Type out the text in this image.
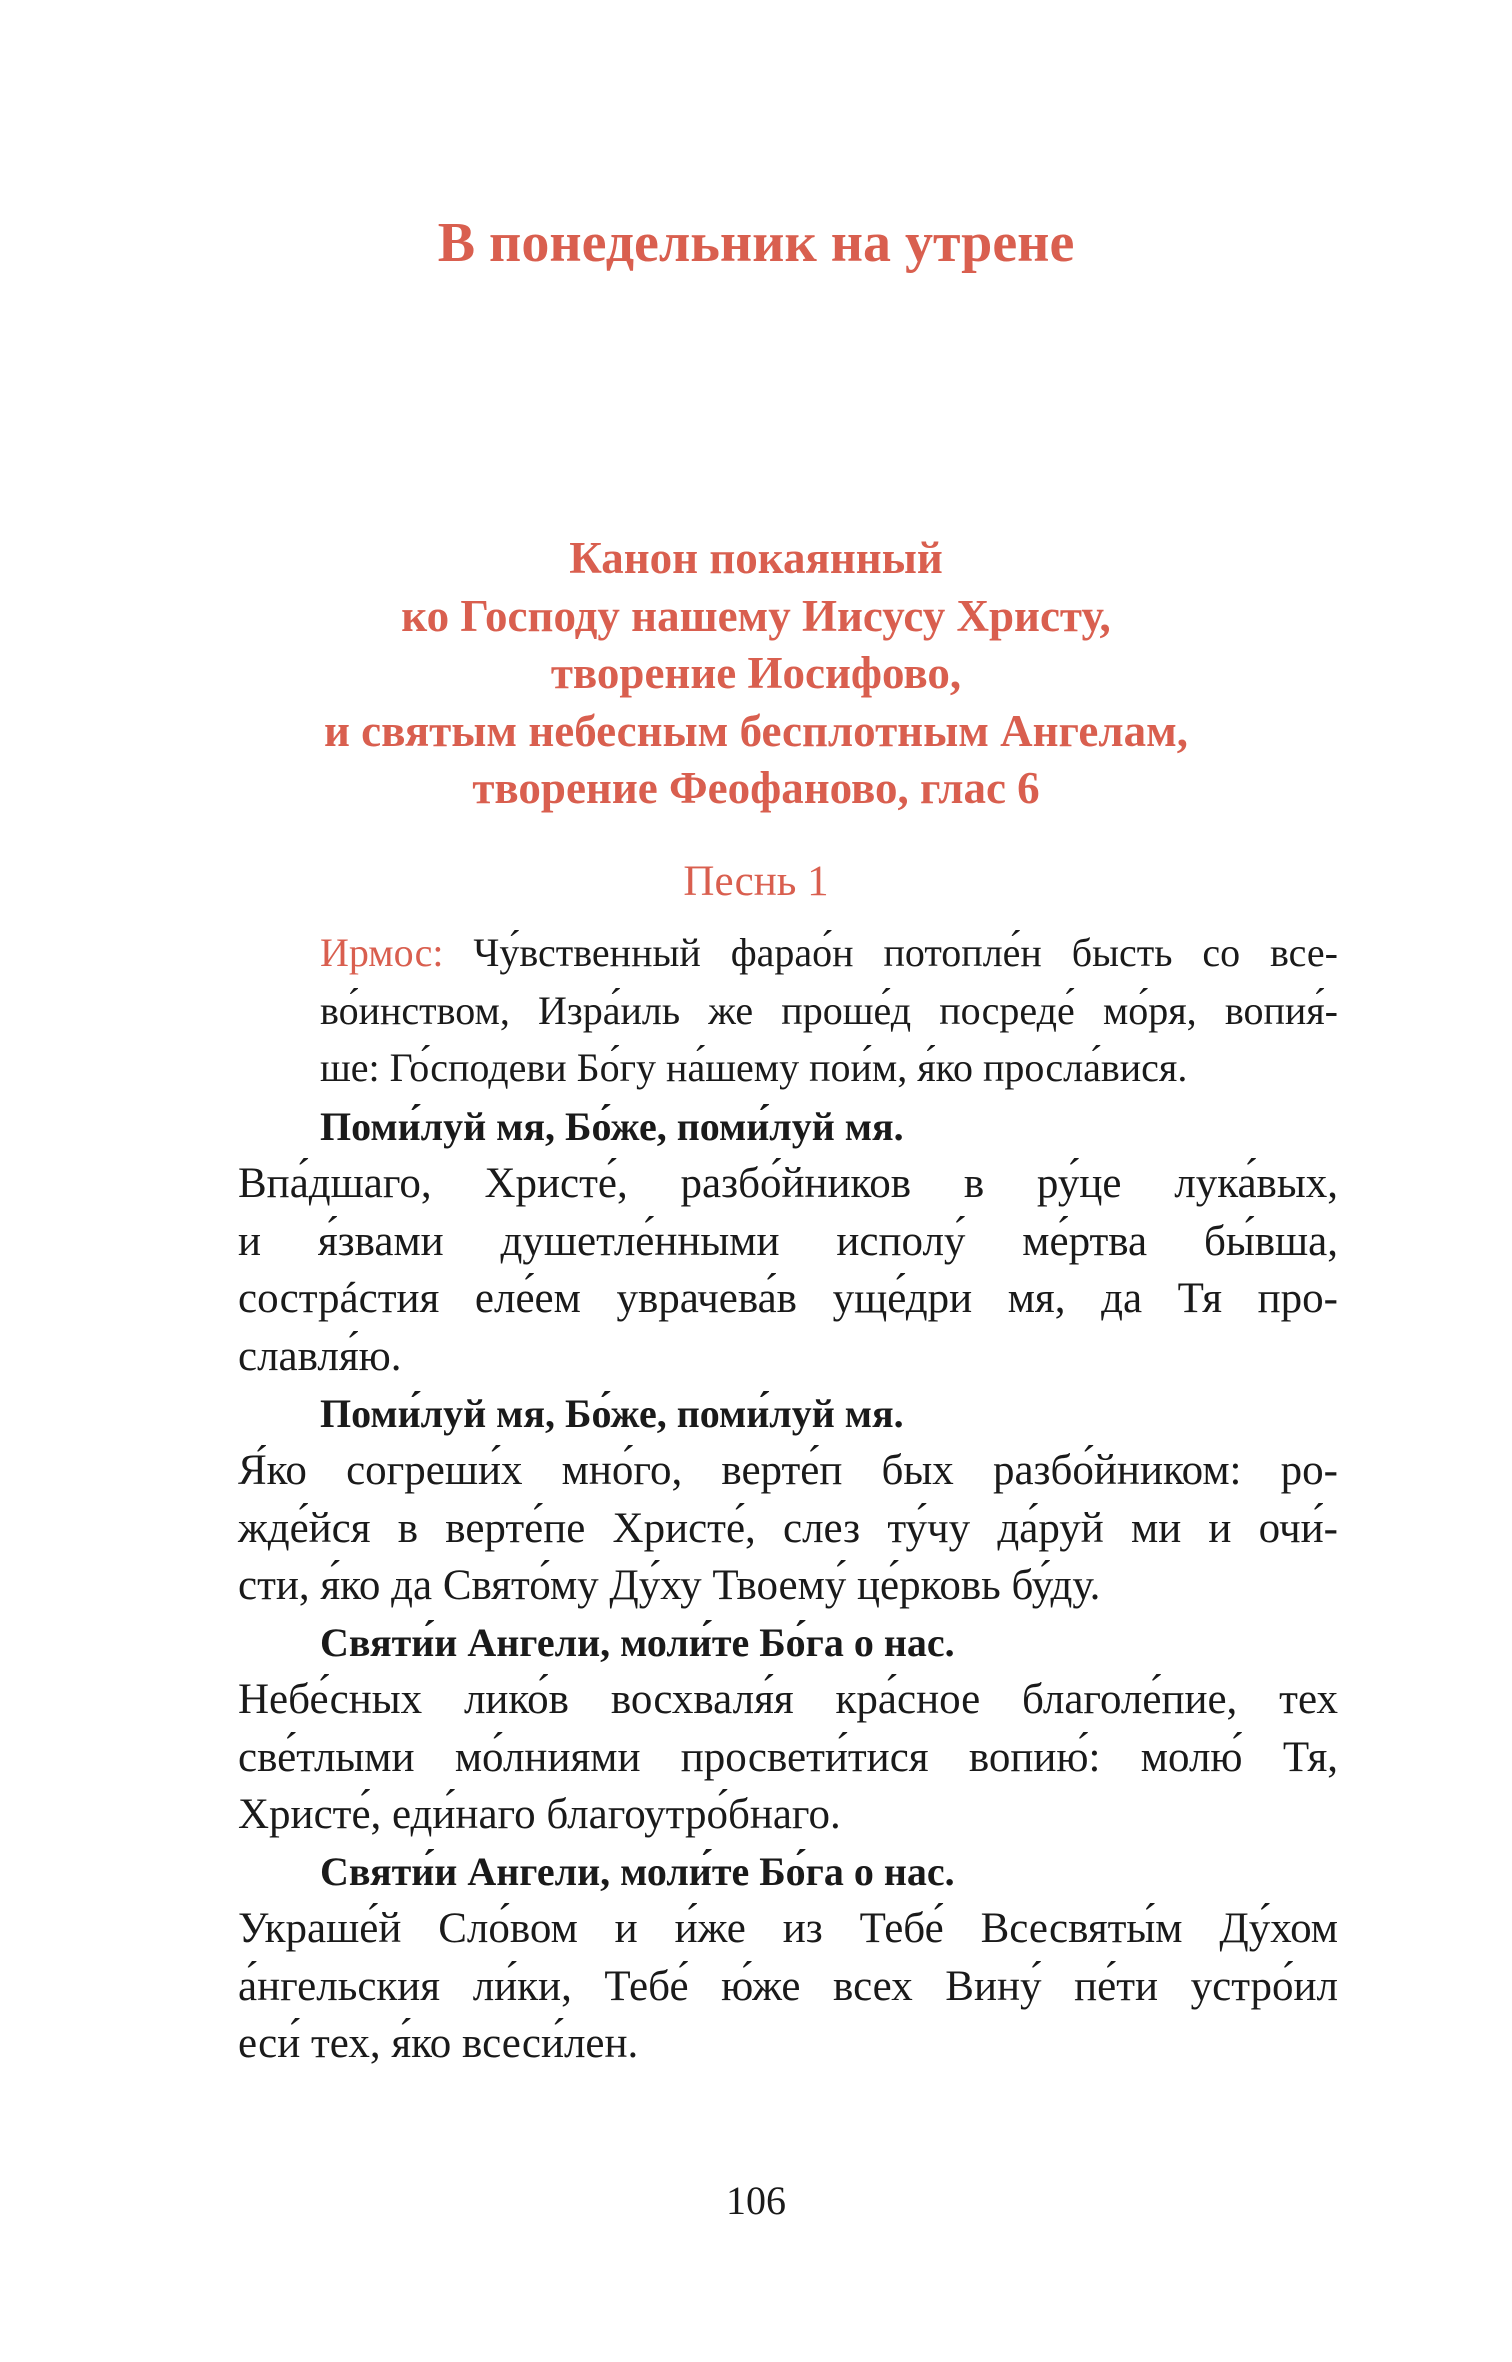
В понедельник на утрене
Канон покаянный
ко Господу нашему Иисусу Христу,
творение Иосифово,
и святым небесным бесплотным Ангелам,
творение Феофаново, глас 6
Песнь 1
Ирмос: Чу́вственный фарао́н потопле́н бысть со все-
во́инством, Изра́иль же проше́д посреде́ мо́ря, вопия́-
ше: Го́сподеви Бо́гу на́шему пои́м, я́ко просла́вися.
Поми́луй мя, Бо́же, поми́луй мя.
Впа́дшаго, Христе́, разбо́йников в ру́це лука́вых,
и я́звами душетле́нными исполу́ ме́ртва бы́вша,
сострáстия еле́ем уврачева́в уще́дри мя, да Тя про-
славля́ю.
Поми́луй мя, Бо́же, поми́луй мя.
Я́ко согреши́х мно́го, верте́п бых разбо́йником: ро-
жде́йся в верте́пе Христе́, слез ту́чу да́руй ми и очи́-
сти, я́ко да Свято́му Ду́ху Твоему́ це́рковь бу́ду.
Святи́и Ангели, моли́те Бо́га о нас.
Небе́сных лико́в восхваля́я кра́сное благоле́пие, тех
све́тлыми мо́лниями просвети́тися вопию́: молю́ Тя,
Христе́, еди́наго благоутро́бнаго.
Святи́и Ангели, моли́те Бо́га о нас.
Украше́й Сло́вом и и́же из Тебе́ Всесвяты́м Ду́хом
а́нгельския ли́ки, Тебе́ ю́же всех Вину́ пе́ти устро́ил
еси́ тех, я́ко всеси́лен.
106
